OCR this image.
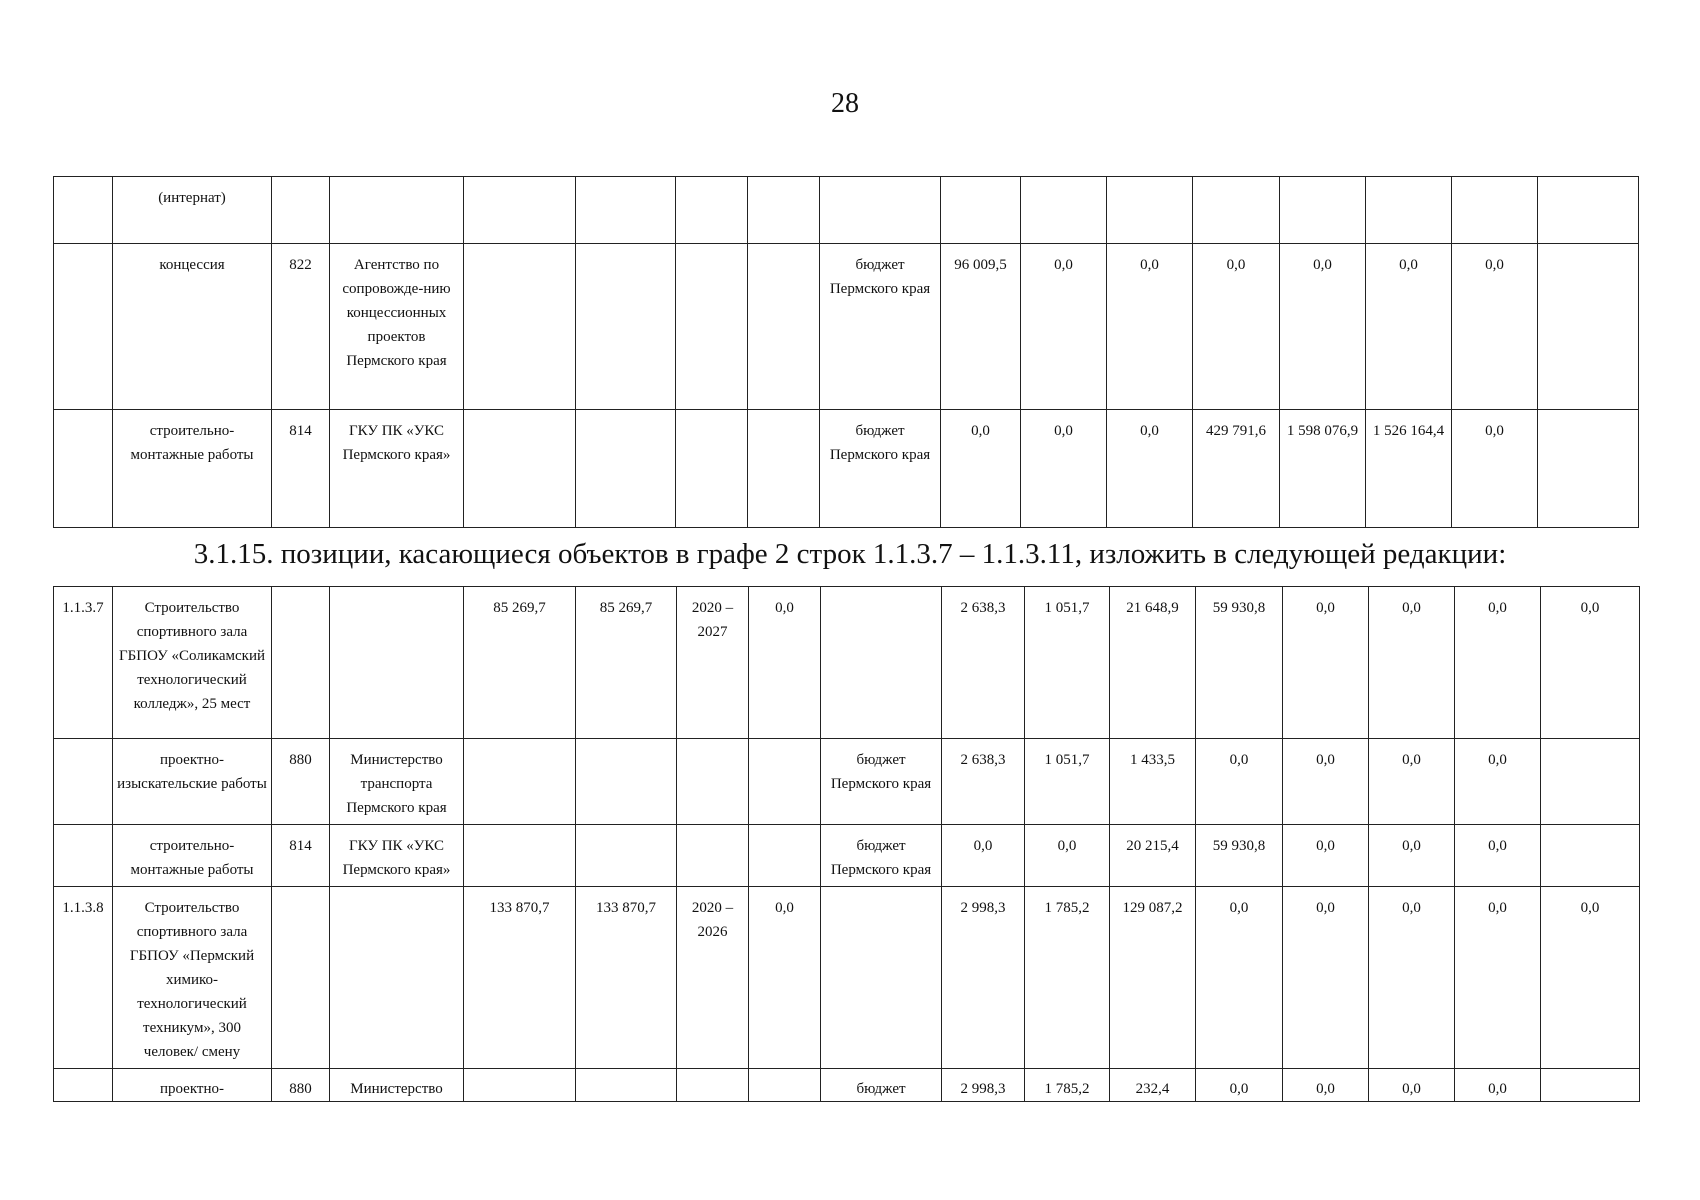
28
	(интернат)															
	концессия	822	Агентство по сопровожде-нию концессионных проектов Пермского края					бюджет Пермского края	96 009,5	0,0	0,0	0,0	0,0	0,0	0,0	
	строительно-монтажные работы	814	ГКУ ПК «УКС Пермского края»					бюджет Пермского края	0,0	0,0	0,0	429 791,6	1 598 076,9	1 526 164,4	0,0	
3.1.15. позиции, касающиеся объектов в графе 2 строк 1.1.3.7 – 1.1.3.11, изложить в следующей редакции:
1.1.3.7	Строительство спортивного зала ГБПОУ «Соликамский технологический колледж», 25 мест			85 269,7	85 269,7	2020 – 2027	0,0		2 638,3	1 051,7	21 648,9	59 930,8	0,0	0,0	0,0	0,0
	проектно-изыскательские работы	880	Министерство транспорта Пермского края					бюджет Пермского края	2 638,3	1 051,7	1 433,5	0,0	0,0	0,0	0,0	
	строительно-монтажные работы	814	ГКУ ПК «УКС Пермского края»					бюджет Пермского края	0,0	0,0	20 215,4	59 930,8	0,0	0,0	0,0	
1.1.3.8	Строительство спортивного зала ГБПОУ «Пермский химико-технологический техникум», 300 человек/ смену			133 870,7	133 870,7	2020 – 2026	0,0		2 998,3	1 785,2	129 087,2	0,0	0,0	0,0	0,0	0,0
	проектно-	880	Министерство					бюджет	2 998,3	1 785,2	232,4	0,0	0,0	0,0	0,0	
